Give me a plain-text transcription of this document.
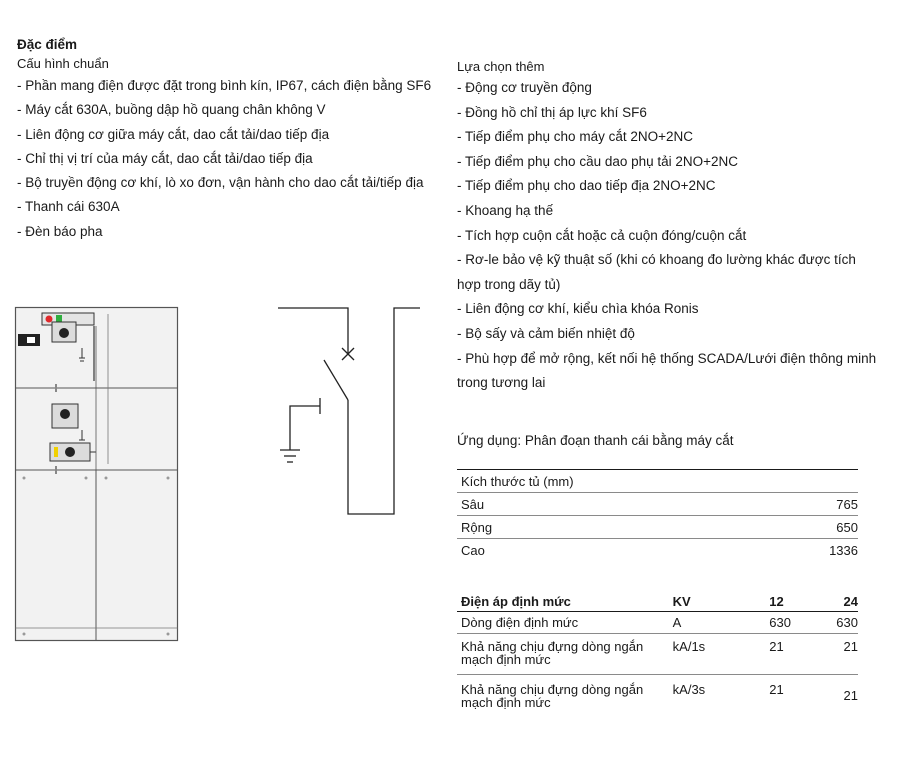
Đặc điểm
Cấu hình chuẩn
- Phần mang điện được đặt trong bình kín, IP67, cách điện bằng SF6
- Máy cắt 630A, buồng dập hồ quang chân không V
- Liên động cơ giữa máy cắt, dao cắt tải/dao tiếp địa
- Chỉ thị vị trí của máy cắt, dao cắt tải/dao tiếp địa
- Bộ truyền động cơ khí, lò xo đơn, vận hành cho dao cắt tải/tiếp địa
- Thanh cái 630A
- Đèn báo pha
Lựa chọn thêm
- Động cơ truyền động
- Đồng hồ chỉ thị áp lực khí SF6
- Tiếp điểm phụ cho máy cắt 2NO+2NC
- Tiếp điểm phụ cho cầu dao phụ tải 2NO+2NC
- Tiếp điểm phụ cho dao tiếp địa 2NO+2NC
- Khoang hạ thế
- Tích hợp cuộn cắt hoặc cả cuộn đóng/cuộn cắt
- Rơ-le bảo vệ kỹ thuật số (khi có khoang đo lường khác được tích hợp trong dãy tủ)
- Liên động cơ khí, kiểu chìa khóa Ronis
- Bộ sấy và cảm biến nhiệt độ
- Phù hợp để mở rộng, kết nối hệ thống SCADA/Lưới điện thông minh trong tương lai
Ứng dụng: Phân đoạn thanh cái bằng máy cắt
Kích thước tủ (mm)	
Sâu	765
Rộng	650
Cao	1336
Điện áp định mức	KV	12	24
Dòng điện định mức	A	630	630
Khả năng chịu đựng dòng ngắn mạch định mức	kA/1s	21	21
Khả năng chịu đựng dòng ngắn mạch định mức	kA/3s	21	21
